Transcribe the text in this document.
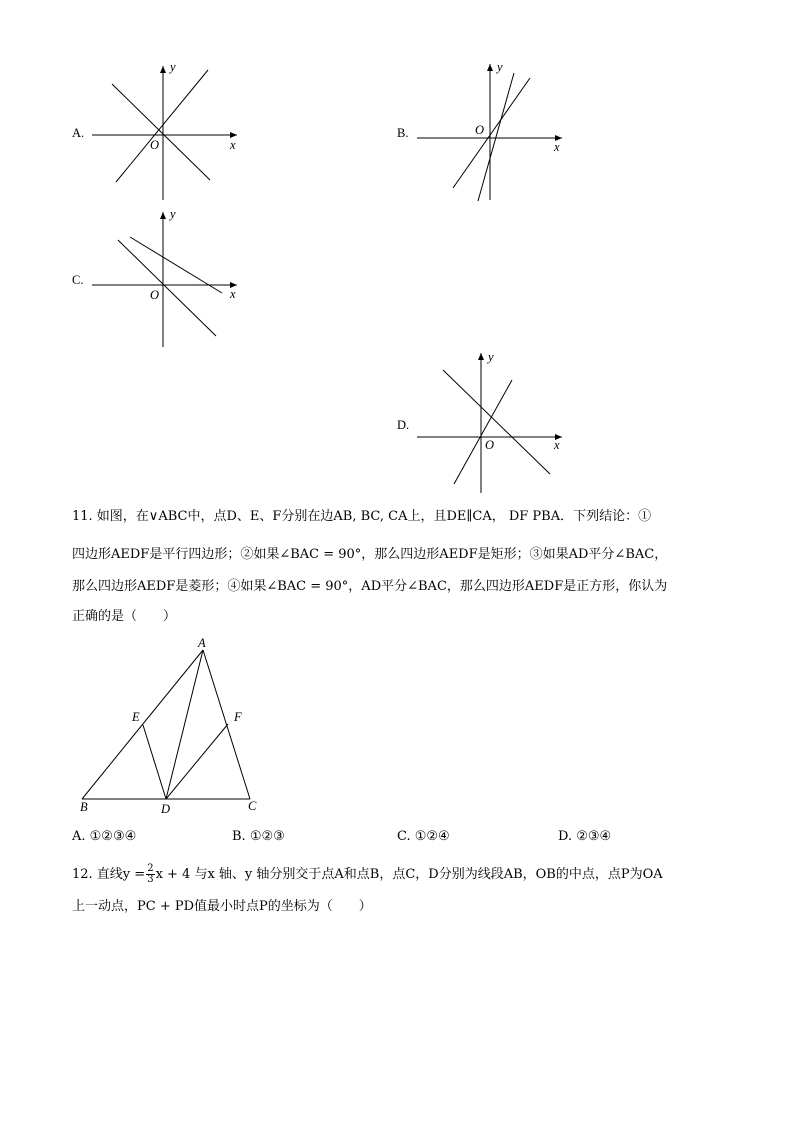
A.
y
x
O
B.
y
x
O
C.
y
x
O
D.
y
x
O
11. 如图，在∨ABC中，点D、E、F分别在边AB, BC, CA上，且DE∥CA， DF PBA．下列结论：①
四边形AEDF是平行四边形；②如果∠BAC = 90°，那么四边形AEDF是矩形；③如果AD平分∠BAC，
那么四边形AEDF是菱形；④如果∠BAC = 90°，AD平分∠BAC，那么四边形AEDF是正方形，你认为
正确的是（　　）
A
B	C
D
E	F
A. ①②③④	B. ①②③	C. ①②④	D. ②③④
12. 直线$y = \frac{2}{3}$ x + 4 与x 轴、y 轴分别交于点A和点B，点C，D分别为线段AB，OB的中点，点P为OA
上一动点，PC + PD值最小时点P的坐标为（　　）
